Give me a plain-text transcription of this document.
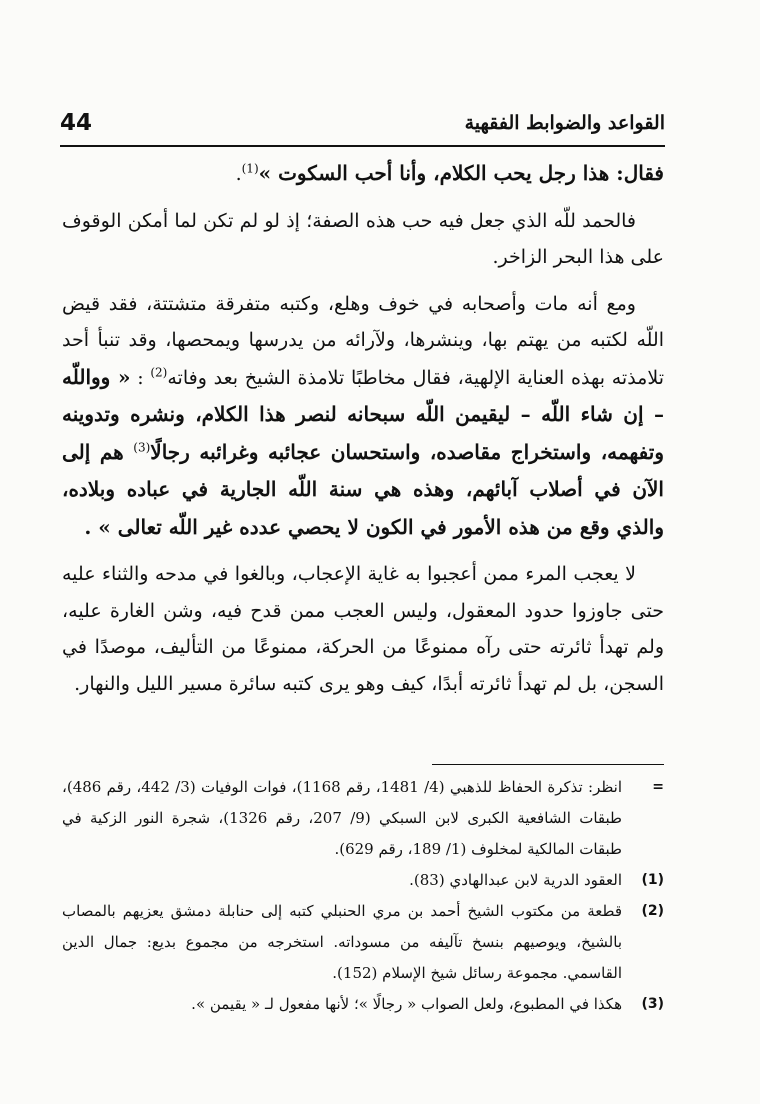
44	القواعد والضوابط الفقهية

فقال: هذا رجل يحب الكلام، وأنا أحب السكوت »$^{(1)}$.

فالحمد للّه الذي جعل فيه حب هذه الصفة؛ إذ لو لم تكن لما أمكن الوقوف على هذا البحر الزاخر.

ومع أنه مات وأصحابه في خوف وهلع، وكتبه متفرقة متشتتة، فقد قيض اللّه لكتبه من يهتم بها، وينشرها، ولآرائه من يدرسها ويمحصها، وقد تنبأ أحد تلامذته بهذه العناية الإلهية، فقال مخاطبًا تلامذة الشيخ بعد وفاته$^{(2)}$ : « وواللّه – إن شاء اللّه – ليقيمن اللّه سبحانه لنصر هذا الكلام، ونشره وتدوينه وتفهمه، واستخراج مقاصده، واستحسان عجائبه وغرائبه رجالًا$^{(3)}$ هم إلى الآن في أصلاب آبائهم، وهذه هي سنة اللّه الجارية في عباده وبلاده، والذي وقع من هذه الأمور في الكون لا يحصي عدده غير اللّه تعالى » .

لا يعجب المرء ممن أعجبوا به غاية الإعجاب، وبالغوا في مدحه والثناء عليه حتى جاوزوا حدود المعقول، وليس العجب ممن قدح فيه، وشن الغارة عليه، ولم تهدأ ثائرته حتى رآه ممنوعًا من الحركة، ممنوعًا من التأليف، موصدًا في السجن، بل لم تهدأ ثائرته أبدًا، كيف وهو يرى كتبه سائرة مسير الليل والنهار.

=
انظر: تذكرة الحفاظ للذهبي (4/ 1481، رقم 1168)، فوات الوفيات (3/ 442، رقم 486)، طبقات الشافعية الكبرى لابن السبكي (9/ 207، رقم 1326)، شجرة النور الزكية في طبقات المالكية لمخلوف (1/ 189، رقم 629).
(1)
العقود الدرية لابن عبدالهادي (83).
(2)
قطعة من مكتوب الشيخ أحمد بن مري الحنبلي كتبه إلى حنابلة دمشق يعزيهم بالمصاب بالشيخ، ويوصيهم بنسخ تآليفه من مسوداته. استخرجه من مجموع بديع: جمال الدين القاسمي. مجموعة رسائل شيخ الإسلام (152).
(3)
هكذا في المطبوع، ولعل الصواب « رجالًا »؛ لأنها مفعول لـ « يقيمن ».
